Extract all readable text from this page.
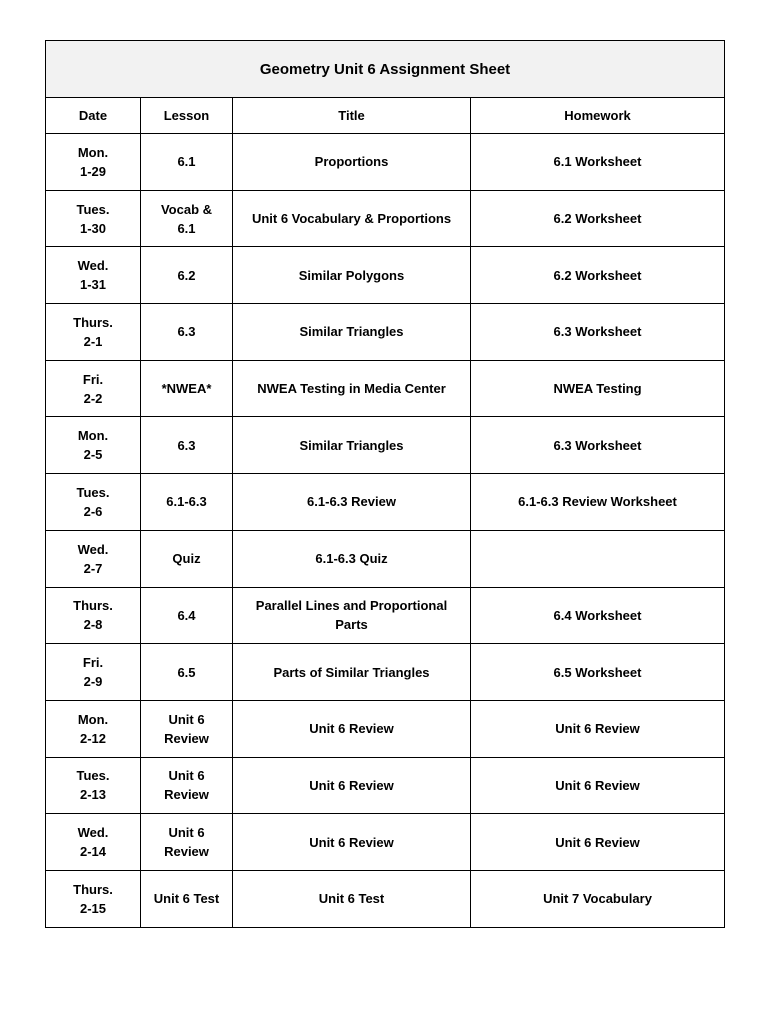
Geometry Unit 6 Assignment Sheet			
Date	Lesson	Title	Homework

Mon.
1-29	6.1	Proportions	6.1 Worksheet

Tues.
1-30	Vocab & 6.1	Unit 6 Vocabulary & Proportions	6.2 Worksheet

Wed.
1-31	6.2	Similar Polygons	6.2 Worksheet

Thurs.
2-1	6.3	Similar Triangles	6.3 Worksheet

Fri.
2-2	*NWEA*	NWEA Testing in Media Center	NWEA Testing

Mon.
2-5	6.3	Similar Triangles	6.3 Worksheet

Tues.
2-6	6.1-6.3	6.1-6.3 Review	6.1-6.3 Review Worksheet

Wed.
2-7	Quiz	6.1-6.3 Quiz	

Thurs.
2-8	6.4	Parallel Lines and Proportional Parts	6.4 Worksheet

Fri.
2-9	6.5	Parts of Similar Triangles	6.5 Worksheet

Mon.
2-12	Unit 6 Review	Unit 6 Review	Unit 6 Review

Tues.
2-13	Unit 6 Review	Unit 6 Review	Unit 6 Review

Wed.
2-14	Unit 6 Review	Unit 6 Review	Unit 6 Review

Thurs.
2-15	Unit 6 Test	Unit 6 Test	Unit 7 Vocabulary
